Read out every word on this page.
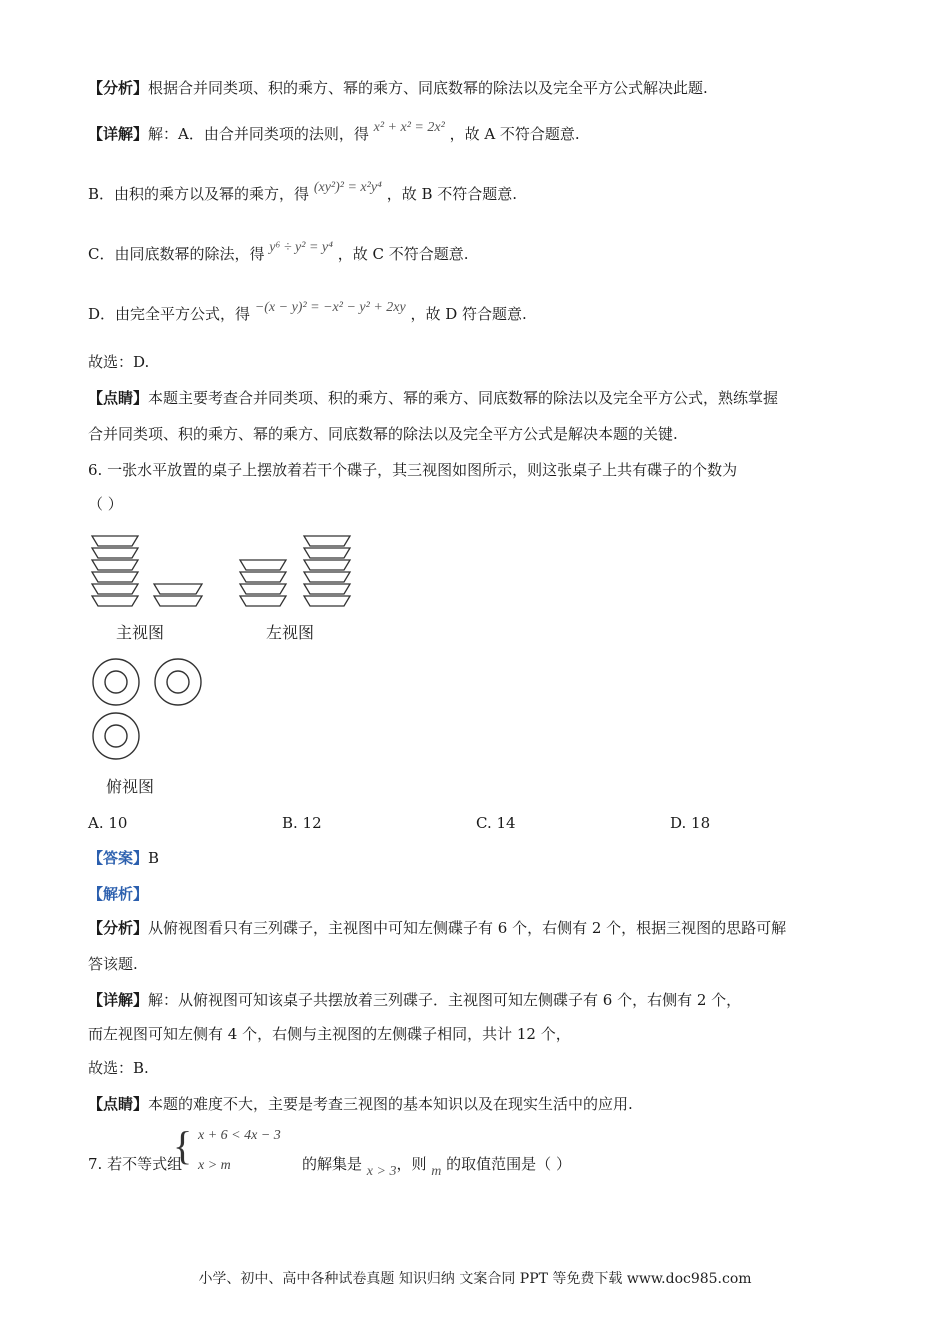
【分析】根据合并同类项、积的乘方、幂的乘方、同底数幂的除法以及完全平方公式解决此题.
【详解】解：A．由合并同类项的法则，得 x² + x² = 2x² ，故 A 不符合题意.
B．由积的乘方以及幂的乘方，得 (xy²)² = x²y⁴ ，故 B 不符合题意.
C．由同底数幂的除法，得 y⁶ ÷ y² = y⁴ ，故 C 不符合题意.
D．由完全平方公式，得 −(x − y)² = −x² − y² + 2xy ，故 D 符合题意.
故选：D.
【点睛】本题主要考查合并同类项、积的乘方、幂的乘方、同底数幂的除法以及完全平方公式，熟练掌握
合并同类项、积的乘方、幂的乘方、同底数幂的除法以及完全平方公式是解决本题的关键.
6. 一张水平放置的桌子上摆放着若干个碟子，其三视图如图所示，则这张桌子上共有碟子的个数为
（ ）
主视图	左视图
俯视图
A. 10	B. 12	C. 14	D. 18
【答案】B
【解析】
【分析】从俯视图看只有三列碟子，主视图中可知左侧碟子有 6 个，右侧有 2 个，根据三视图的思路可解
答该题.
【详解】解：从俯视图可知该桌子共摆放着三列碟子．主视图可知左侧碟子有 6 个，右侧有 2 个，
而左视图可知左侧有 4 个，右侧与主视图的左侧碟子相同，共计 12 个，
故选：B.
【点睛】本题的难度不大，主要是考查三视图的基本知识以及在现实生活中的应用.
7. 若不等式组
{ x + 6 < 4x − 3
x > m	的解集是 x > 3，则 m 的取值范围是（ ）
小学、初中、高中各种试卷真题 知识归纳 文案合同 PPT 等免费下载 www.doc985.com
